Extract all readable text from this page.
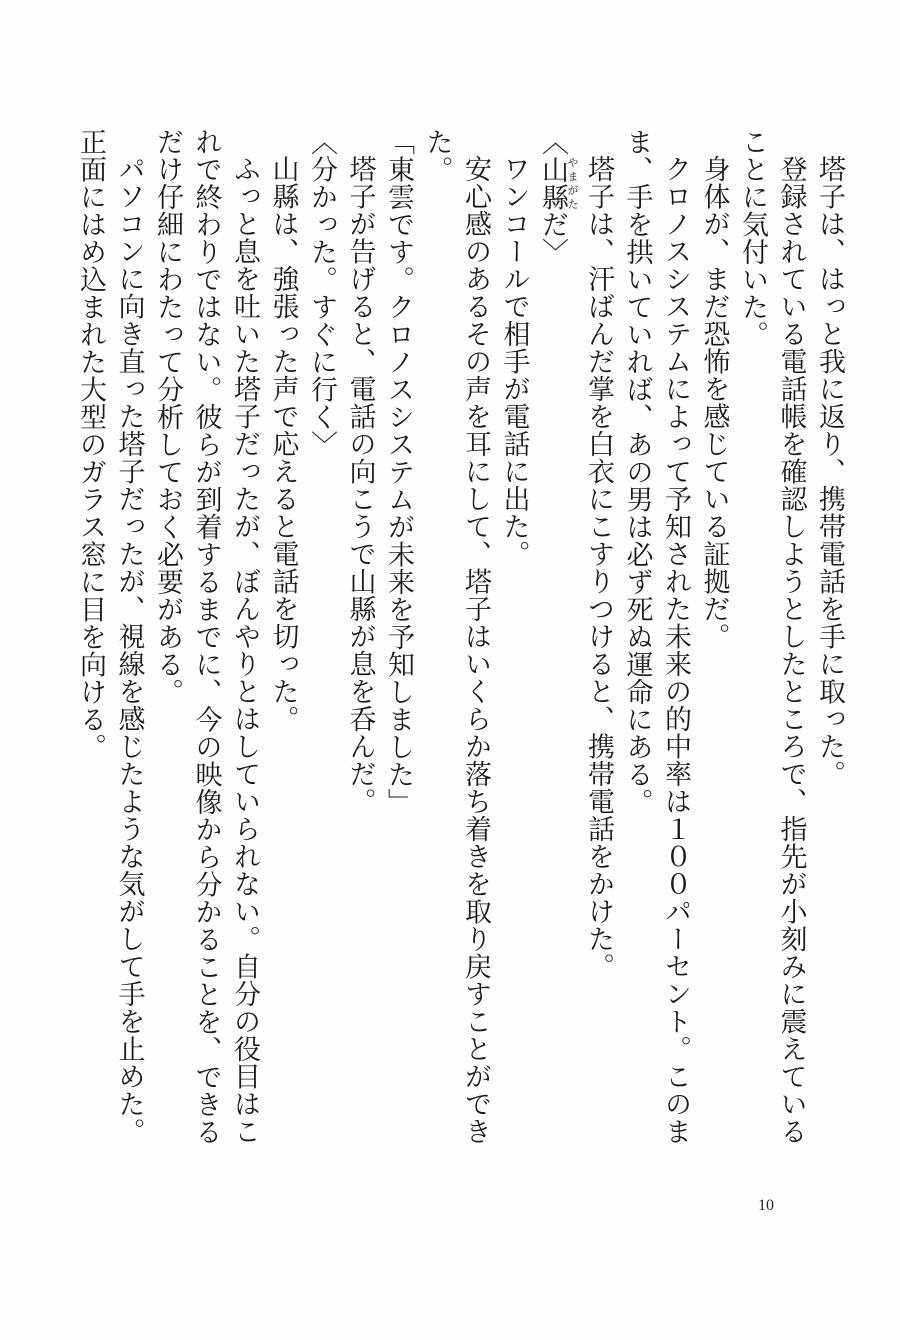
塔子は、はっと我に返り、携帯電話を手に取った。

登録されている電話帳を確認しようとしたところで、指先が小刻みに震えていることに気付いた。

身体が、まだ恐怖を感じている証拠だ。

クロノスシステムによって予知された未来の的中率は１００パーセント。このまま、手を拱いていれば、あの男は必ず死ぬ運命にある。

塔子は、汗ばんだ掌を白衣にこすりつけると、携帯電話をかけた。

〈山縣やまがただ〉

ワンコールで相手が電話に出た。

安心感のあるその声を耳にして、塔子はいくらか落ち着きを取り戻すことができた。

「東雲です。クロノスシステムが未来を予知しました」

塔子が告げると、電話の向こうで山縣が息を呑んだ。

〈分かった。すぐに行く〉

山縣は、強張った声で応えると電話を切った。

ふっと息を吐いた塔子だったが、ぼんやりとはしていられない。自分の役目はこれで終わりではない。彼らが到着するまでに、今の映像から分かることを、できるだけ仔細にわたって分析しておく必要がある。

パソコンに向き直った塔子だったが、視線を感じたような気がして手を止めた。正面にはめ込まれた大型のガラス窓に目を向ける。

10
